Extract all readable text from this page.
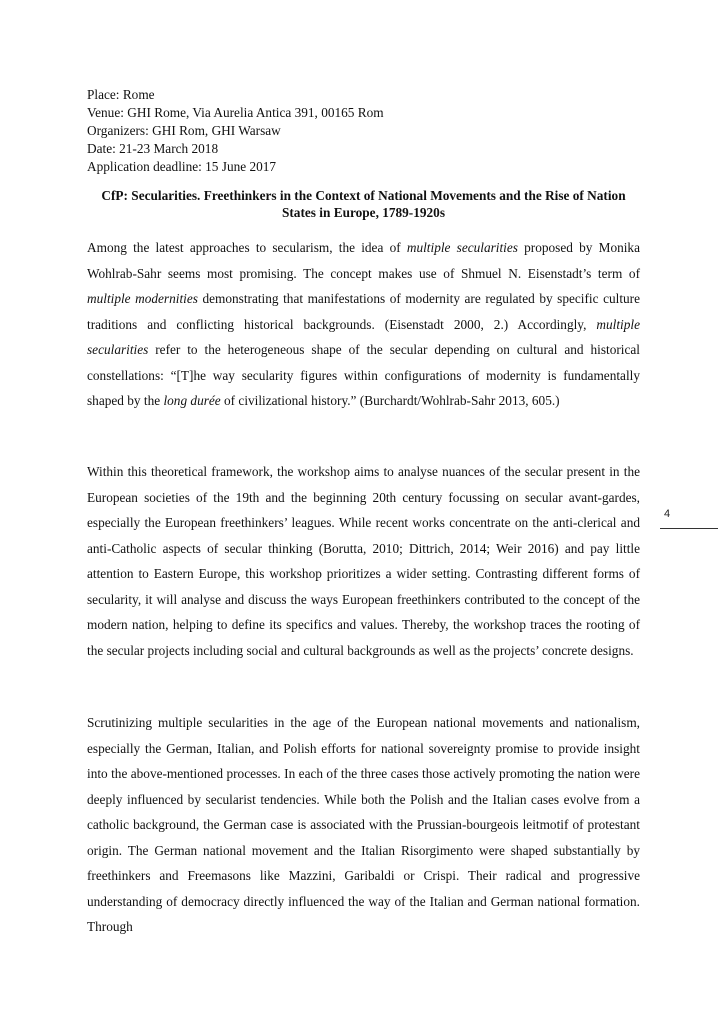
Place: Rome
Venue: GHI Rome, Via Aurelia Antica 391, 00165 Rom
Organizers: GHI Rom, GHI Warsaw
Date: 21-23 March 2018
Application deadline: 15 June 2017
CfP: Secularities. Freethinkers in the Context of National Movements and the Rise of Nation States in Europe, 1789-1920s

Among the latest approaches to secularism, the idea of multiple secularities proposed by Monika Wohlrab-Sahr seems most promising. The concept makes use of Shmuel N. Eisenstadt’s term of multiple modernities demonstrating that manifestations of modernity are regulated by specific culture traditions and conflicting historical backgrounds. (Eisenstadt 2000, 2.) Accordingly, multiple secularities refer to the heterogeneous shape of the secular depending on cultural and historical constellations: “[T]he way secularity figures within configurations of modernity is fundamentally shaped by the long durée of civilizational history.” (Burchardt/Wohlrab-Sahr 2013, 605.)

Within this theoretical framework, the workshop aims to analyse nuances of the secular present in the European societies of the 19th and the beginning 20th century focussing on secular avant-gardes, especially the European freethinkers’ leagues. While recent works concentrate on the anti-clerical and anti-Catholic aspects of secular thinking (Borutta, 2010; Dittrich, 2014; Weir 2016) and pay little attention to Eastern Europe, this workshop prioritizes a wider setting. Contrasting different forms of secularity, it will analyse and discuss the ways European freethinkers contributed to the concept of the modern nation, helping to define its specifics and values. Thereby, the workshop traces the rooting of the secular projects including social and cultural backgrounds as well as the projects’ concrete designs.

Scrutinizing multiple secularities in the age of the European national movements and nationalism, especially the German, Italian, and Polish efforts for national sovereignty promise to provide insight into the above-mentioned processes. In each of the three cases those actively promoting the nation were deeply influenced by secularist tendencies. While both the Polish and the Italian cases evolve from a catholic background, the German case is associated with the Prussian-bourgeois leitmotif of protestant origin. The German national movement and the Italian Risorgimento were shaped substantially by freethinkers and Freemasons like Mazzini, Garibaldi or Crispi. Their radical and progressive understanding of democracy directly influenced the way of the Italian and German national formation. Through

4
